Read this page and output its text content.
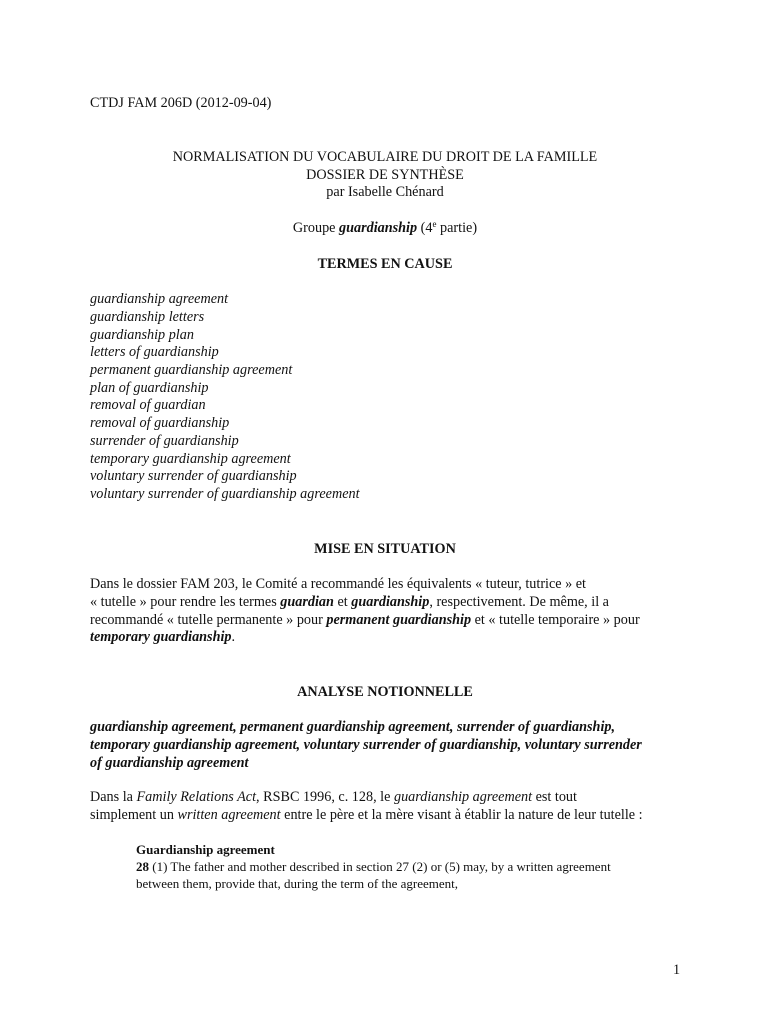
CTDJ FAM 206D (2012-09-04)
NORMALISATION DU VOCABULAIRE DU DROIT DE LA FAMILLE
DOSSIER DE SYNTHÈSE
par Isabelle Chénard
Groupe guardianship (4e partie)
TERMES EN CAUSE
guardianship agreement
guardianship letters
guardianship plan
letters of guardianship
permanent guardianship agreement
plan of guardianship
removal of guardian
removal of guardianship
surrender of guardianship
temporary guardianship agreement
voluntary surrender of guardianship
voluntary surrender of guardianship agreement
MISE EN SITUATION
Dans le dossier FAM 203, le Comité a recommandé les équivalents « tuteur, tutrice » et
« tutelle » pour rendre les termes guardian et guardianship, respectivement. De même, il a
recommandé « tutelle permanente » pour permanent guardianship et « tutelle temporaire » pour
temporary guardianship.
ANALYSE NOTIONNELLE
guardianship agreement, permanent guardianship agreement, surrender of guardianship,
temporary guardianship agreement, voluntary surrender of guardianship, voluntary surrender
of guardianship agreement
Dans la Family Relations Act, RSBC 1996, c. 128, le guardianship agreement est tout
simplement un written agreement entre le père et la mère visant à établir la nature de leur tutelle :
Guardianship agreement
28 (1) The father and mother described in section 27 (2) or (5) may, by a written agreement
between them, provide that, during the term of the agreement,
1
